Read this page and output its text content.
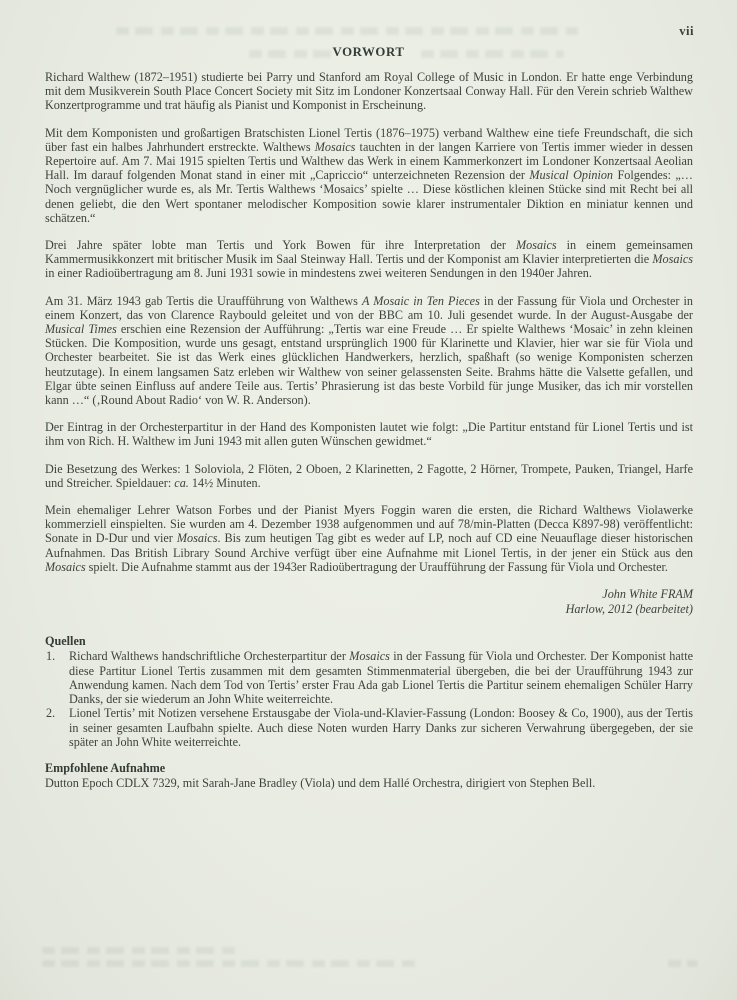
vii
VORWORT

Richard Walthew (1872–1951) studierte bei Parry und Stanford am Royal College of Music in London. Er hatte enge Verbindung mit dem Musikverein South Place Concert Society mit Sitz im Londoner Konzertsaal Conway Hall. Für den Verein schrieb Walthew Konzertprogramme und trat häufig als Pianist und Komponist in Erscheinung.

Mit dem Komponisten und großartigen Bratschisten Lionel Tertis (1876–1975) verband Walthew eine tiefe Freundschaft, die sich über fast ein halbes Jahrhundert erstreckte. Walthews Mosaics tauchten in der langen Karriere von Tertis immer wieder in dessen Repertoire auf. Am 7. Mai 1915 spielten Tertis und Walthew das Werk in einem Kammerkonzert im Londoner Konzertsaal Aeolian Hall. Im darauf folgenden Monat stand in einer mit „Capriccio“ unterzeichneten Rezension der Musical Opinion Folgendes: „… Noch vergnüglicher wurde es, als Mr. Tertis Walthews ‘Mosaics’ spielte … Diese köstlichen kleinen Stücke sind mit Recht bei all denen geliebt, die den Wert spontaner melodischer Komposition sowie klarer instrumentaler Diktion en miniatur kennen und schätzen.“

Drei Jahre später lobte man Tertis und York Bowen für ihre Interpretation der Mosaics in einem gemeinsamen Kammermusikkonzert mit britischer Musik im Saal Steinway Hall. Tertis und der Komponist am Klavier interpretierten die Mosaics in einer Radioübertragung am 8. Juni 1931 sowie in mindestens zwei weiteren Sendungen in den 1940er Jahren.

Am 31. März 1943 gab Tertis die Uraufführung von Walthews A Mosaic in Ten Pieces in der Fassung für Viola und Orchester in einem Konzert, das von Clarence Raybould geleitet und von der BBC am 10. Juli gesendet wurde. In der August-Ausgabe der Musical Times erschien eine Rezension der Aufführung: „Tertis war eine Freude … Er spielte Walthews ‘Mosaic’ in zehn kleinen Stücken. Die Komposition, wurde uns gesagt, entstand ursprünglich 1900 für Klarinette und Klavier, hier war sie für Viola und Orchester bearbeitet. Sie ist das Werk eines glücklichen Handwerkers, herzlich, spaßhaft (so wenige Komponisten scherzen heutzutage). In einem langsamen Satz erleben wir Walthew von seiner gelassensten Seite. Brahms hätte die Valsette gefallen, und Elgar übte seinen Einfluss auf andere Teile aus. Tertis’ Phrasierung ist das beste Vorbild für junge Musiker, das ich mir vorstellen kann …“ (‚Round About Radio‘ von W. R. Anderson).

Der Eintrag in der Orchesterpartitur in der Hand des Komponisten lautet wie folgt: „Die Partitur entstand für Lionel Tertis und ist ihm von Rich. H. Walthew im Juni 1943 mit allen guten Wünschen gewidmet.“

Die Besetzung des Werkes: 1 Soloviola, 2 Flöten, 2 Oboen, 2 Klarinetten, 2 Fagotte, 2 Hörner, Trompete, Pauken, Triangel, Harfe und Streicher. Spieldauer: ca. 14½ Minuten.

Mein ehemaliger Lehrer Watson Forbes und der Pianist Myers Foggin waren die ersten, die Richard Walthews Violawerke kommerziell einspielten. Sie wurden am 4. Dezember 1938 aufgenommen und auf 78/min-Platten (Decca K897-98) veröffentlicht: Sonate in D-Dur und vier Mosaics. Bis zum heutigen Tag gibt es weder auf LP, noch auf CD eine Neuauflage dieser historischen Aufnahmen. Das British Library Sound Archive verfügt über eine Aufnahme mit Lionel Tertis, in der jener ein Stück aus den Mosaics spielt. Die Aufnahme stammt aus der 1943er Radioübertragung der Uraufführung der Fassung für Viola und Orchester.

John White FRAM
Harlow, 2012 (bearbeitet)
Quellen
1.	Richard Walthews handschriftliche Orchesterpartitur der Mosaics in der Fassung für Viola und Orchester. Der Komponist hatte diese Partitur Lionel Tertis zusammen mit dem gesamten Stimmenmaterial übergeben, die bei der Uraufführung 1943 zur Anwendung kamen. Nach dem Tod von Tertis’ erster Frau Ada gab Lionel Tertis die Partitur seinem ehemaligen Schüler Harry Danks, der sie wiederum an John White weiterreichte.
2.	Lionel Tertis’ mit Notizen versehene Erstausgabe der Viola-und-Klavier-Fassung (London: Boosey & Co, 1900), aus der Tertis in seiner gesamten Laufbahn spielte. Auch diese Noten wurden Harry Danks zur sicheren Verwahrung übergegeben, der sie später an John White weiterreichte.
Empfohlene Aufnahme
Dutton Epoch CDLX 7329, mit Sarah-Jane Bradley (Viola) und dem Hallé Orchestra, dirigiert von Stephen Bell.
